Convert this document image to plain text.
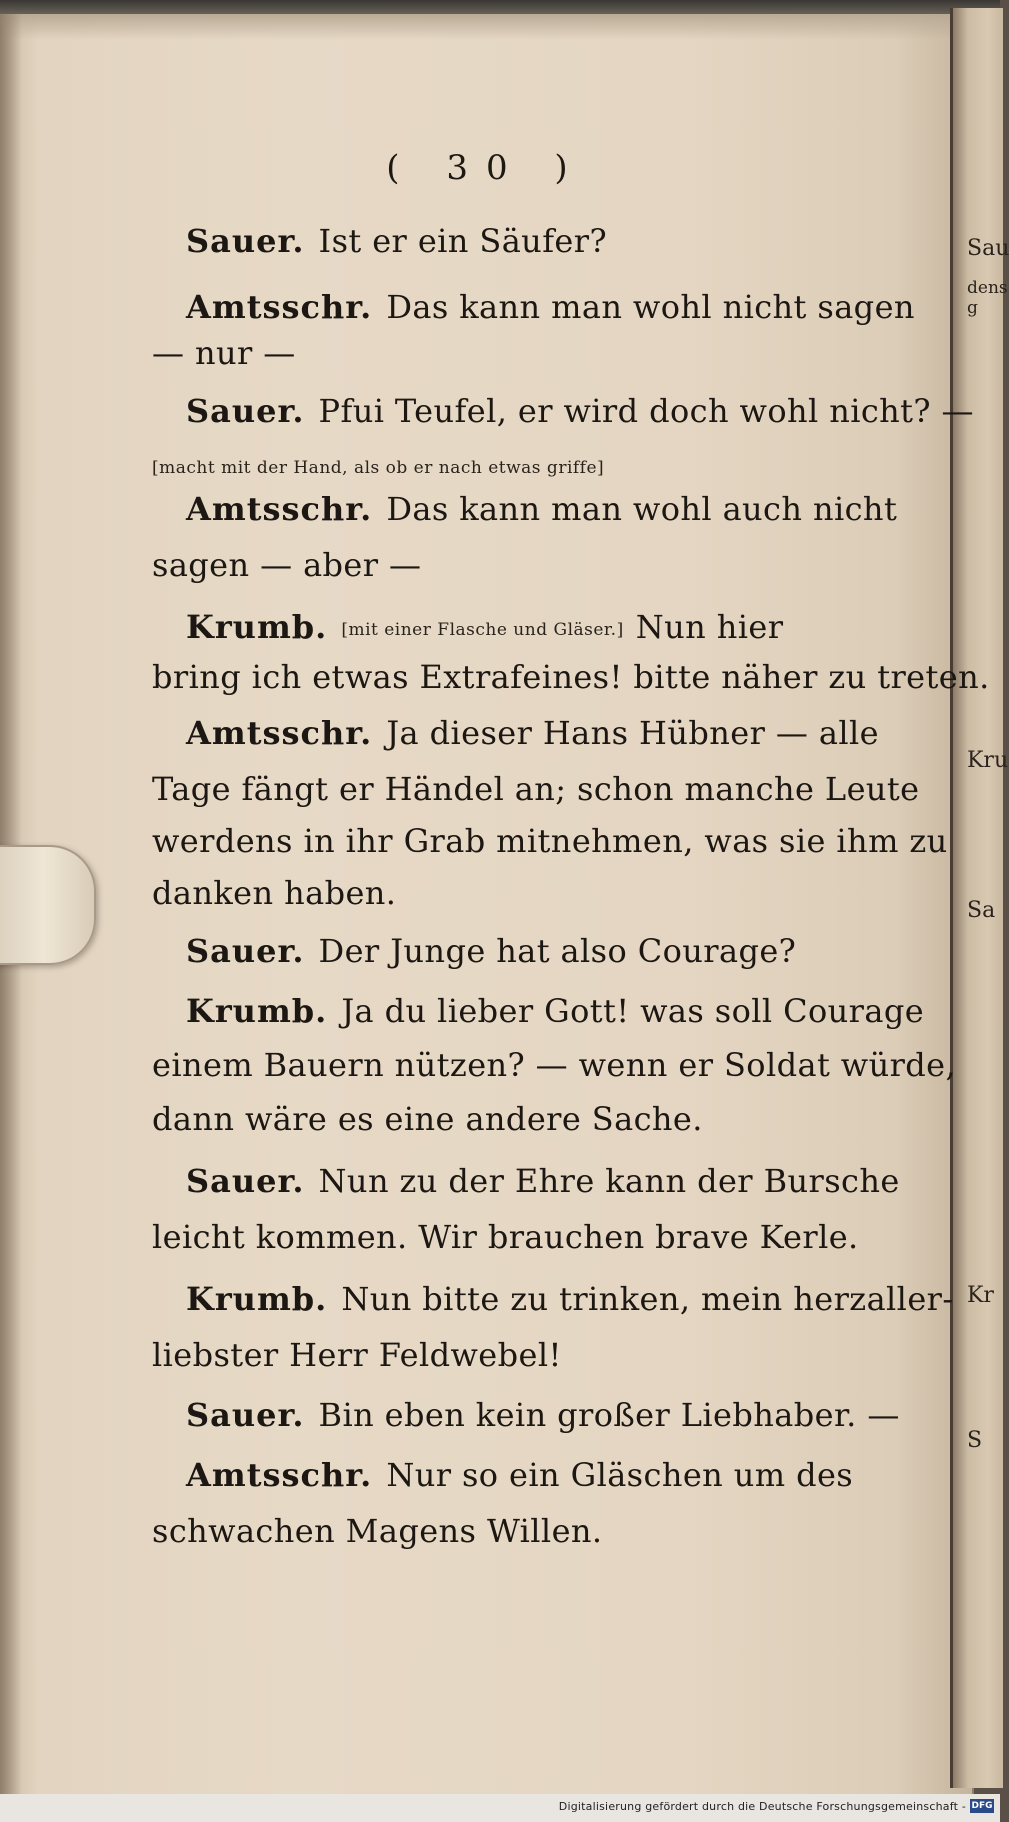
Sau
dens g
Kru
Sa
Kr
S
( 30 )
Sauer. Ist er ein Säufer?
Amtsschr. Das kann man wohl nicht sagen
— nur —
Sauer. Pfui Teufel, er wird doch wohl nicht? —
[macht mit der Hand, als ob er nach etwas griffe]
Amtsschr. Das kann man wohl auch nicht
sagen — aber —
Krumb. [mit einer Flasche und Gläser.] Nun hier
bring ich etwas Extrafeines! bitte näher zu treten.
Amtsschr. Ja dieser Hans Hübner — alle
Tage fängt er Händel an; schon manche Leute
werdens in ihr Grab mitnehmen, was sie ihm zu
danken haben.
Sauer. Der Junge hat also Courage?
Krumb. Ja du lieber Gott! was soll Courage
einem Bauern nützen? — wenn er Soldat würde,
dann wäre es eine andere Sache.
Sauer. Nun zu der Ehre kann der Bursche
leicht kommen. Wir brauchen brave Kerle.
Krumb. Nun bitte zu trinken, mein herzaller-
liebster Herr Feldwebel!
Sauer. Bin eben kein großer Liebhaber. —
Amtsschr. Nur so ein Gläschen um des
schwachen Magens Willen.
Digitalisierung gefördert durch die Deutsche Forschungsgemeinschaft - DFG
